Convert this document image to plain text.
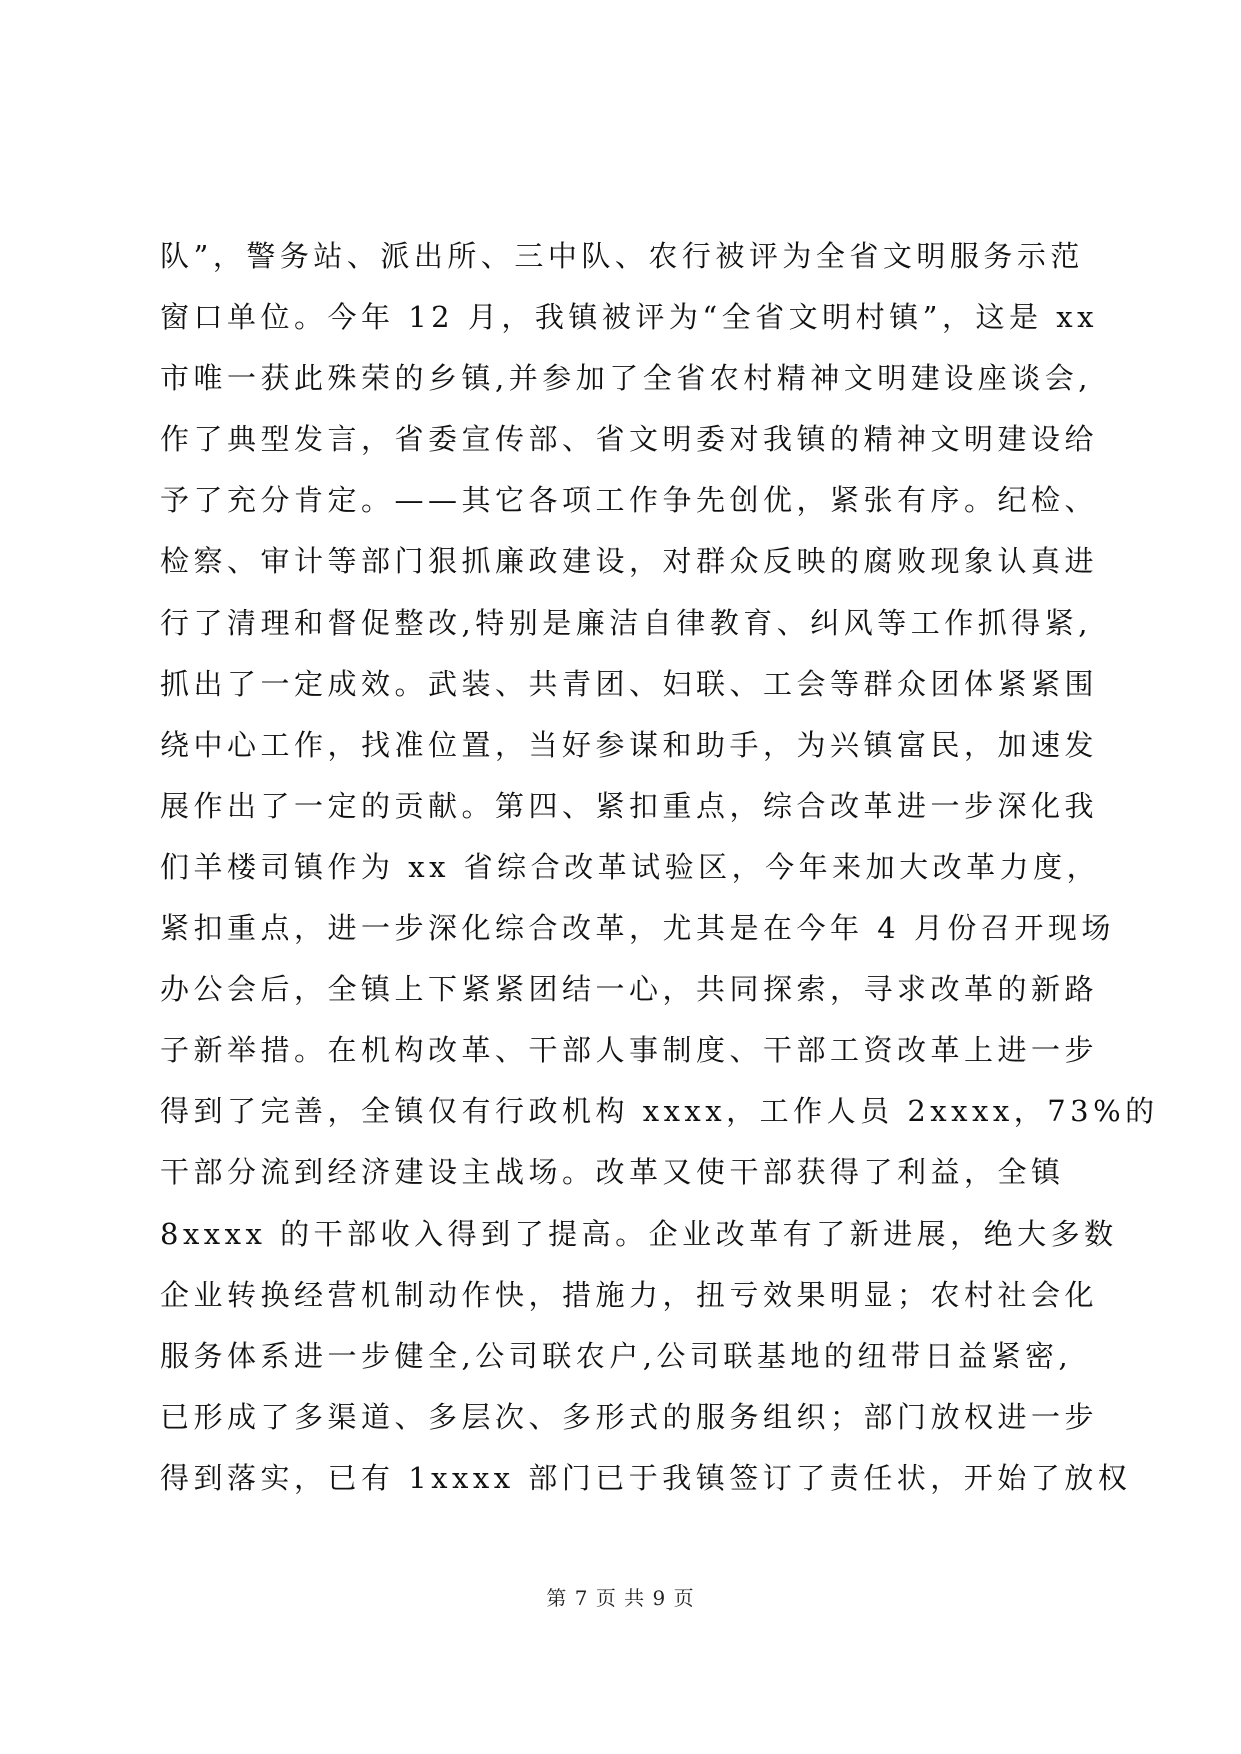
队”，警务站、派出所、三中队、农行被评为全省文明服务示范
窗口单位。今年 12 月，我镇被评为“全省文明村镇”，这是 xx
市唯一获此殊荣的乡镇,并参加了全省农村精神文明建设座谈会,
作了典型发言，省委宣传部、省文明委对我镇的精神文明建设给
予了充分肯定。——其它各项工作争先创优，紧张有序。纪检、
检察、审计等部门狠抓廉政建设，对群众反映的腐败现象认真进
行了清理和督促整改,特别是廉洁自律教育、纠风等工作抓得紧,
抓出了一定成效。武装、共青团、妇联、工会等群众团体紧紧围
绕中心工作，找准位置，当好参谋和助手，为兴镇富民，加速发
展作出了一定的贡献。第四、紧扣重点，综合改革进一步深化我
们羊楼司镇作为 xx 省综合改革试验区，今年来加大改革力度，
紧扣重点，进一步深化综合改革，尤其是在今年 4 月份召开现场
办公会后，全镇上下紧紧团结一心，共同探索，寻求改革的新路
子新举措。在机构改革、干部人事制度、干部工资改革上进一步
得到了完善，全镇仅有行政机构 xxxx，工作人员 2xxxx，73%的
干部分流到经济建设主战场。改革又使干部获得了利益，全镇
8xxxx 的干部收入得到了提高。企业改革有了新进展，绝大多数
企业转换经营机制动作快，措施力，扭亏效果明显；农村社会化
服务体系进一步健全,公司联农户,公司联基地的纽带日益紧密,
已形成了多渠道、多层次、多形式的服务组织；部门放权进一步
得到落实，已有 1xxxx 部门已于我镇签订了责任状，开始了放权
第 7 页 共 9 页
